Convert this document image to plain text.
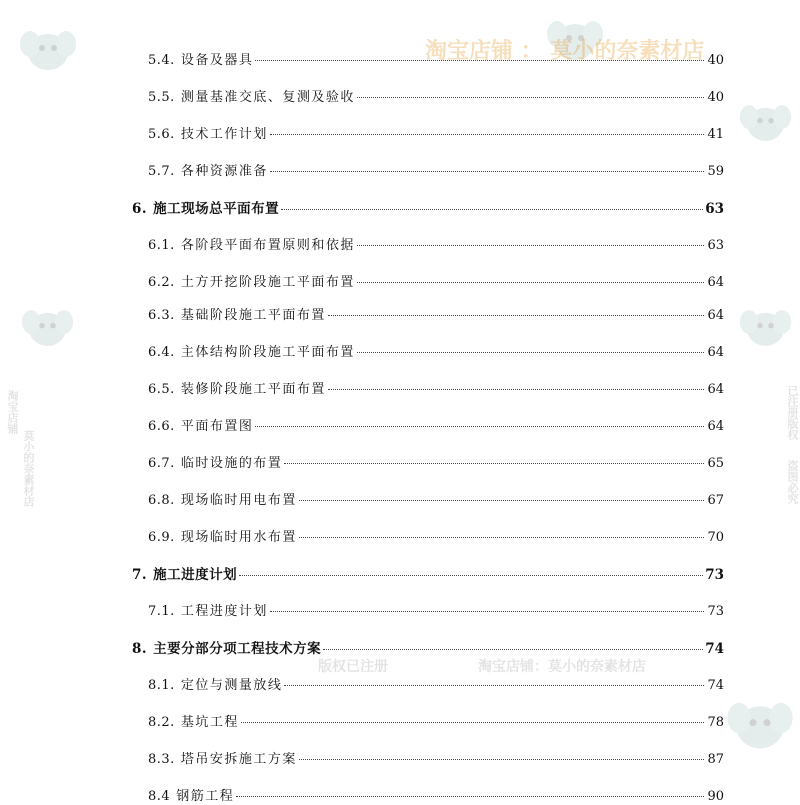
淘宝店铺 ： 莫小的奈素材店
版权已注册	淘宝店铺：莫小的奈素材店
淘宝店铺
莫小的奈素材店
已注册版权
盗图必究
5.4. 设备及器具	40
5.5. 测量基准交底、复测及验收	40
5.6. 技术工作计划	41
5.7. 各种资源准备	59
6. 施工现场总平面布置	63
6.1. 各阶段平面布置原则和依据	63
6.2. 土方开挖阶段施工平面布置	64
6.3. 基础阶段施工平面布置	64
6.4. 主体结构阶段施工平面布置	64
6.5. 装修阶段施工平面布置	64
6.6. 平面布置图	64
6.7. 临时设施的布置	65
6.8. 现场临时用电布置	67
6.9. 现场临时用水布置	70
7. 施工进度计划	73
7.1. 工程进度计划	73
8. 主要分部分项工程技术方案	74
8.1. 定位与测量放线	74
8.2. 基坑工程	78
8.3. 塔吊安拆施工方案	87
8.4 钢筋工程	90
